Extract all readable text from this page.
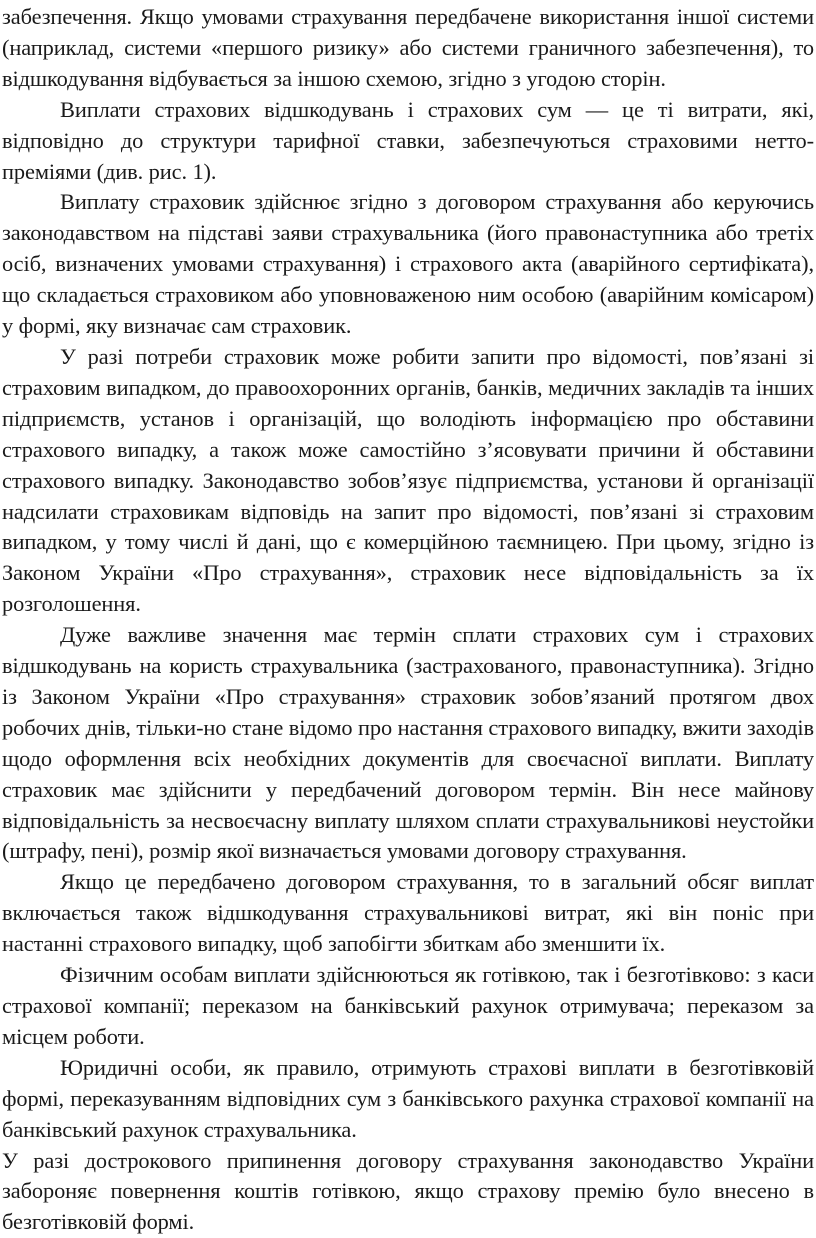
забезпечення. Якщо умовами страхування передбачене використання іншої системи (наприклад, системи «першого ризику» або системи граничного забезпечення), то відшкодування відбувається за іншою схемою, згідно з угодою сторін.

Виплати страхових відшкодувань і страхових сум — це ті витрати, які, відповідно до структури тарифної ставки, забезпечуються страховими нетто-преміями (див. рис. 1).

Виплату страховик здійснює згідно з договором страхування або керуючись законодавством на підставі заяви страхувальника (його правонаступника або третіх осіб, визначених умовами страхування) і страхового акта (аварійного сертифіката), що складається страховиком або уповноваженою ним особою (аварійним комісаром) у формі, яку визначає сам страховик.

У разі потреби страховик може робити запити про відомості, пов’язані зі страховим випадком, до правоохоронних органів, банків, медичних закладів та інших підприємств, установ і організацій, що володіють інформацією про обставини страхового випадку, а також може самостійно з’ясовувати причини й обставини страхового випадку. Законодавство зобов’язує підприємства, установи й організації надсилати страховикам відповідь на запит про відомості, пов’язані зі страховим випадком, у тому числі й дані, що є комерційною таємницею. При цьому, згідно із Законом України «Про страхування», страховик несе відповідальність за їх розголошення.

Дуже важливе значення має термін сплати страхових сум і страхових відшкодувань на користь страхувальника (застрахованого, правонаступника). Згідно із Законом України «Про страхування» страховик зобов’язаний протягом двох робочих днів, тільки-но стане відомо про настання страхового випадку, вжити заходів щодо оформлення всіх необхідних документів для своєчасної виплати. Виплату страховик має здійснити у передбачений договором термін. Він несе майнову відповідальність за несвоєчасну виплату шляхом сплати страхувальникові неустойки (штрафу, пені), розмір якої визначається умовами договору страхування.

Якщо це передбачено договором страхування, то в загальний обсяг виплат включається також відшкодування страхувальникові витрат, які він поніс при настанні страхового випадку, щоб запобігти збиткам або зменшити їх.

Фізичним особам виплати здійснюються як готівкою, так і безготівково: з каси страхової компанії; переказом на банківський рахунок отримувача; переказом за місцем роботи.

Юридичні особи, як правило, отримують страхові виплати в безготівковій формі, переказуванням відповідних сум з банківського рахунка страхової компанії на банківський рахунок страхувальника.

У разі дострокового припинення договору страхування законодавство України забороняє повернення коштів готівкою, якщо страхову премію було внесено в безготівковій формі.
